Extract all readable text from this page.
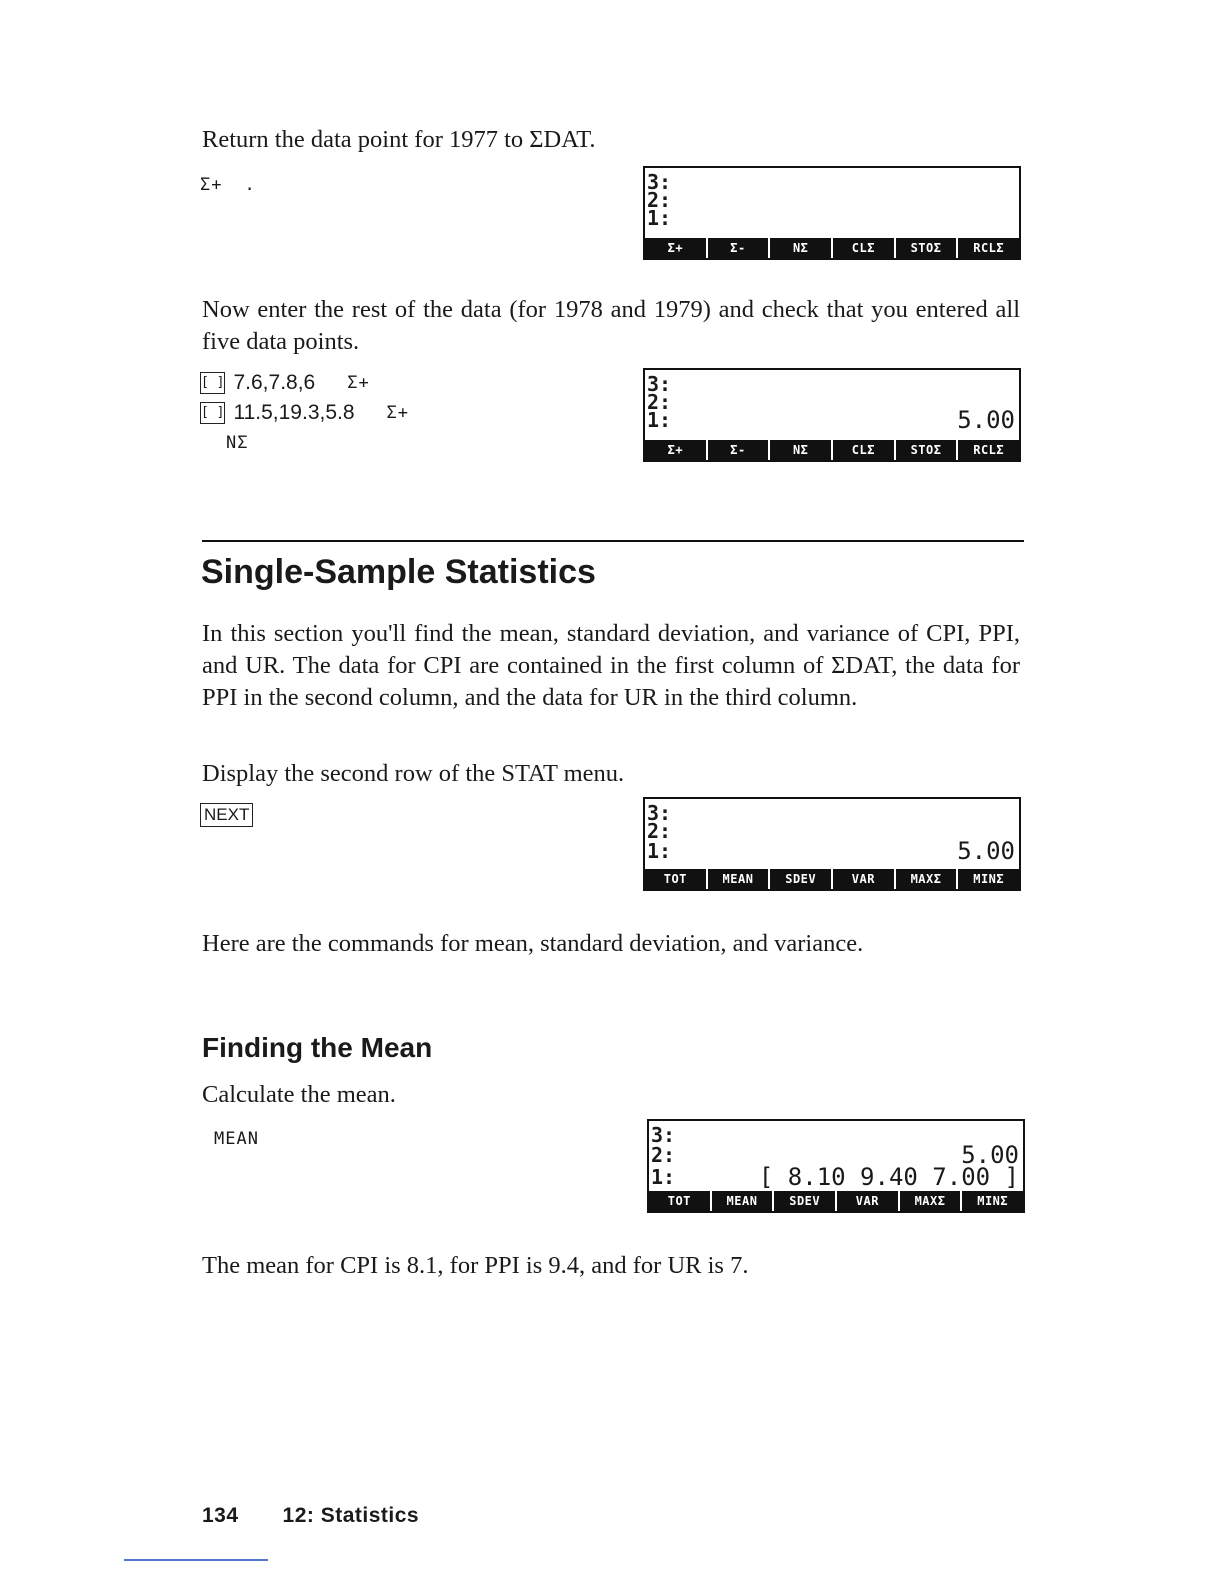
Return the data point for 1977 to ΣDAT.

Σ+ .	3:
2:
1:
Σ+	Σ-	NΣ	CLΣ	STOΣ	RCLΣ

Now enter the rest of the data (for 1978 and 1979) and check that you entered all five data points.

[ ] 7.6,7.8,6 Σ+
[ ] 11.5,19.3,5.8 Σ+
NΣ
3:
2:
1:	5.00
Σ+	Σ-	NΣ	CLΣ	STOΣ	RCLΣ
Single-Sample Statistics

In this section you'll find the mean, standard deviation, and variance of CPI, PPI, and UR. The data for CPI are contained in the first column of ΣDAT, the data for PPI in the second column, and the data for UR in the third column.

Display the second row of the STAT menu.

NEXT	3:
2:
1:	5.00
TOT	MEAN	SDEV	VAR	MAXΣ	MINΣ

Here are the commands for mean, standard deviation, and variance.

Finding the Mean

Calculate the mean.

MEAN	3:
2:	5.00
1:	[ 8.10 9.40 7.00 ]
TOT	MEAN	SDEV	VAR	MAXΣ	MINΣ

The mean for CPI is 8.1, for PPI is 9.4, and for UR is 7.

134 12: Statistics
